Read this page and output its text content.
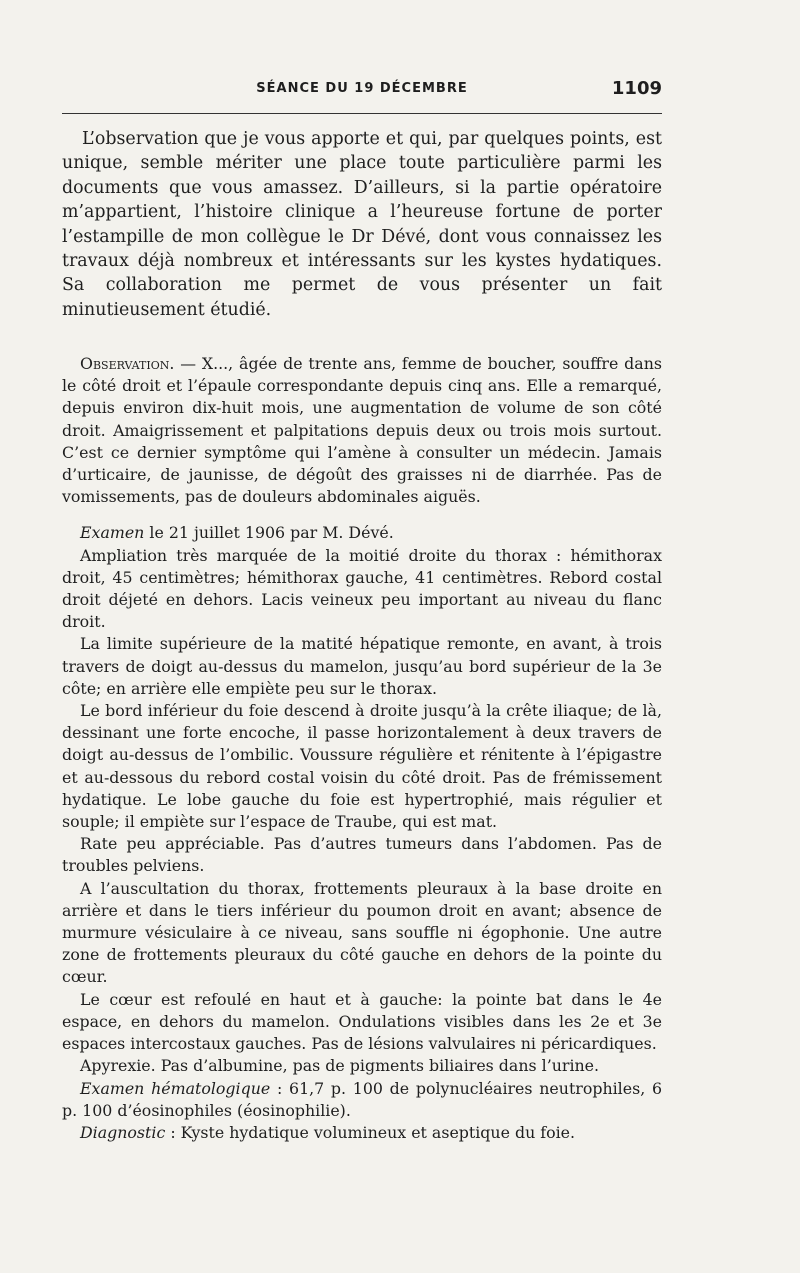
SÉANCE DU 19 DÉCEMBRE	1109

L’observation que je vous apporte et qui, par quelques points, est unique, semble mériter une place toute particulière parmi les documents que vous amassez. D’ailleurs, si la partie opératoire m’appartient, l’histoire clinique a l’heureuse fortune de porter l’estampille de mon collègue le Dr Dévé, dont vous connaissez les travaux déjà nombreux et intéressants sur les kystes hydatiques. Sa collaboration me permet de vous présenter un fait minutieusement étudié.

Observation. — X..., âgée de trente ans, femme de boucher, souffre dans le côté droit et l’épaule correspondante depuis cinq ans. Elle a remarqué, depuis environ dix-huit mois, une augmentation de volume de son côté droit. Amaigrissement et palpitations depuis deux ou trois mois surtout. C’est ce dernier symptôme qui l’amène à consulter un médecin. Jamais d’urticaire, de jaunisse, de dégoût des graisses ni de diarrhée. Pas de vomissements, pas de douleurs abdominales aiguës.

Examen le 21 juillet 1906 par M. Dévé.

Ampliation très marquée de la moitié droite du thorax : hémithorax droit, 45 centimètres; hémithorax gauche, 41 centimètres. Rebord costal droit déjeté en dehors. Lacis veineux peu important au niveau du flanc droit.

La limite supérieure de la matité hépatique remonte, en avant, à trois travers de doigt au-dessus du mamelon, jusqu’au bord supérieur de la 3e côte; en arrière elle empiète peu sur le thorax.

Le bord inférieur du foie descend à droite jusqu’à la crête iliaque; de là, dessinant une forte encoche, il passe horizontalement à deux travers de doigt au-dessus de l’ombilic. Voussure régulière et rénitente à l’épigastre et au-dessous du rebord costal voisin du côté droit. Pas de frémissement hydatique. Le lobe gauche du foie est hypertrophié, mais régulier et souple; il empiète sur l’espace de Traube, qui est mat.

Rate peu appréciable. Pas d’autres tumeurs dans l’abdomen. Pas de troubles pelviens.

A l’auscultation du thorax, frottements pleuraux à la base droite en arrière et dans le tiers inférieur du poumon droit en avant; absence de murmure vésiculaire à ce niveau, sans souffle ni égophonie. Une autre zone de frottements pleuraux du côté gauche en dehors de la pointe du cœur.

Le cœur est refoulé en haut et à gauche: la pointe bat dans le 4e espace, en dehors du mamelon. Ondulations visibles dans les 2e et 3e espaces intercostaux gauches. Pas de lésions valvulaires ni péricardiques.

Apyrexie. Pas d’albumine, pas de pigments biliaires dans l’urine.

Examen hématologique : 61,7 p. 100 de polynucléaires neutrophiles, 6 p. 100 d’éosinophiles (éosinophilie).

Diagnostic : Kyste hydatique volumineux et aseptique du foie.
